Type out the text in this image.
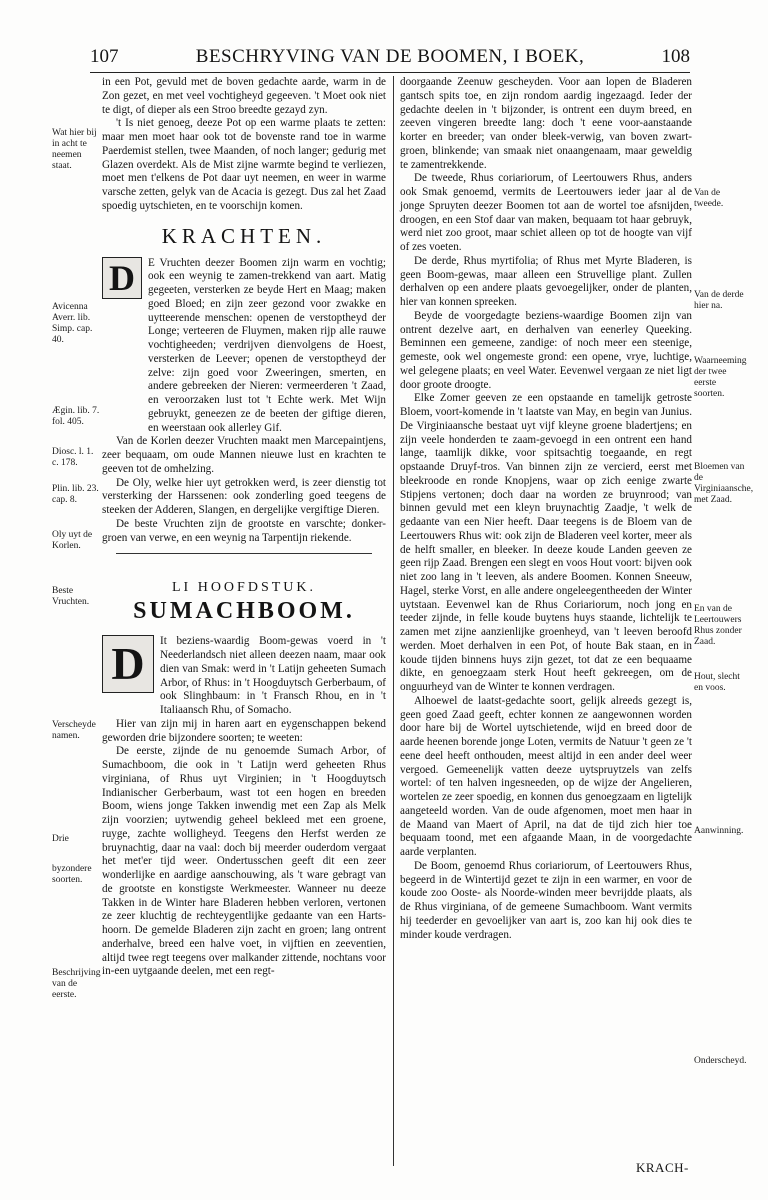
107	BESCHRYVING VAN DE BOOMEN, I BOEK,	108

in een Pot, gevuld met de boven gedachte aarde, warm in de Zon gezet, en met veel vochtigheyd gegeeven. 't Moet ook niet te digt, of dieper als een Stroo breedte gezayd zyn.

't Is niet genoeg, deeze Pot op een warme plaats te zetten: maar men moet haar ook tot de bovenste rand toe in warme Paerdemist stellen, twee Maanden, of noch langer; gedurig met Glazen overdekt. Als de Mist zijne warmte begind te verliezen, moet men t'elkens de Pot daar uyt neemen, en weer in warme varsche zetten, gelyk van de Acacia is gezegt. Dus zal het Zaad spoedig uytschieten, en te voorschijn komen.

KRACHTEN.
D	E Vruchten deezer Boomen zijn warm en vochtig; ook een weynig te zamen-trekkend van aart. Matig gegeeten, versterken ze beyde Hert en Maag; maken goed Bloed; en zijn zeer gezond voor zwakke en uytteerende menschen: openen de verstoptheyd der Longe; verteeren de Fluymen, maken rijp alle rauwe vochtigheeden; verdrijven dienvolgens de Hoest, versterken de Leever; openen de verstoptheyd der zelve: zijn goed voor Zweeringen, smerten, en andere gebreeken der Nieren: vermeerderen 't Zaad, en veroorzaken lust tot 't Echte werk. Met Wijn gebruykt, geneezen ze de beeten der giftige dieren, en weerstaan ook allerley Gif.

Van de Korlen deezer Vruchten maakt men Marcepaintjens, zeer bequaam, om oude Mannen nieuwe lust en krachten te geeven tot de omhelzing.

De Oly, welke hier uyt getrokken werd, is zeer dienstig tot versterking der Harssenen: ook zonderling goed teegens de steeken der Adderen, Slangen, en dergelijke vergiftige Dieren.

De beste Vruchten zijn de grootste en varschte; donker-groen van verwe, en een weynig na Tarpentijn riekende.

LI HOOFDSTUK.
SUMACHBOOM.
D	It beziens-waardig Boom-gewas voerd in 't Neederlandsch niet alleen deezen naam, maar ook dien van Smak: werd in 't Latijn geheeten Sumach Arbor, of Rhus: in 't Hoogduytsch Gerberbaum, of ook Slinghbaum: in 't Fransch Rhou, en in 't Italiaansch Rhu, of Somacho.

Hier van zijn mij in haren aart en eygenschappen bekend geworden drie bijzondere soorten; te weeten:

De eerste, zijnde de nu genoemde Sumach Arbor, of Sumachboom, die ook in 't Latijn werd geheeten Rhus virginiana, of Rhus uyt Virginien; in 't Hoogduytsch Indianischer Gerberbaum, wast tot een hogen en breeden Boom, wiens jonge Takken inwendig met een Zap als Melk zijn voorzien; uytwendig geheel bekleed met een groene, ruyge, zachte wolligheyd. Teegens den Herfst werden ze bruynachtig, daar na vaal: doch bij meerder ouderdom vergaat het met'er tijd weer. Ondertusschen geeft dit een zeer wonderlijke en aardige aanschouwing, als 't ware gebragt van de grootste en konstigste Werkmeester. Wanneer nu deeze Takken in de Winter hare Bladeren hebben verloren, vertonen ze zeer kluchtig de rechteygentlijke gedaante van een Harts-hoorn. De gemelde Bladeren zijn zacht en groen; lang ontrent anderhalve, breed een halve voet, in vijftien en zeeventien, altijd twee regt teegens over malkander zittende, nochtans voor in-een uytgaande deelen, met een regt-

doorgaande Zeenuw gescheyden. Voor aan lopen de Bladeren gantsch spits toe, en zijn rondom aardig ingezaagd. Ieder der gedachte deelen in 't bijzonder, is ontrent een duym breed, en zeeven vingeren breedte lang: doch 't eene voor-aanstaande korter en breeder; van onder bleek-verwig, van boven zwart-groen, blinkende; van smaak niet onaangenaam, maar geweldig te zamentrekkende.

De tweede, Rhus coriariorum, of Leertouwers Rhus, anders ook Smak genoemd, vermits de Leertouwers ieder jaar al de jonge Spruyten deezer Boomen tot aan de wortel toe afsnijden, droogen, en een Stof daar van maken, bequaam tot haar gebruyk, werd niet zoo groot, maar schiet alleen op tot de hoogte van vijf of zes voeten.

De derde, Rhus myrtifolia; of Rhus met Myrte Bladeren, is geen Boom-gewas, maar alleen een Struvellige plant. Zullen derhalven op een andere plaats gevoegelijker, onder de planten, hier van konnen spreeken.

Beyde de voorgedagte beziens-waardige Boomen zijn van ontrent dezelve aart, en derhalven van eenerley Queeking. Beminnen een gemeene, zandige: of noch meer een steenige, gemeste, ook wel ongemeste grond: een opene, vrye, luchtige, wel gelegene plaats; en veel Water. Eevenwel vergaan ze niet ligt door groote droogte.

Elke Zomer geeven ze een opstaande en tamelijk getroste Bloem, voort-komende in 't laatste van May, en begin van Junius. De Virginiaansche bestaat uyt vijf kleyne groene bladertjens; en zijn veele honderden te zaam-gevoegd in een ontrent een hand lange, taamlijk dikke, voor spitsachtig toegaande, en regt opstaande Druyf-tros. Van binnen zijn ze vercierd, eerst met bleekroode en ronde Knopjens, waar op zich eenige zwarte Stipjens vertonen; doch daar na worden ze bruynrood; van binnen gevuld met een kleyn bruynachtig Zaadje, 't welk de gedaante van een Nier heeft. Daar teegens is de Bloem van de Leertouwers Rhus wit: ook zijn de Bladeren veel korter, meer als de helft smaller, en bleeker. In deeze koude Landen geeven ze geen rijp Zaad. Brengen een slegt en voos Hout voort: bijven ook niet zoo lang in 't leeven, als andere Boomen. Konnen Sneeuw, Hagel, sterke Vorst, en alle andere ongeleegentheeden der Winter uytstaan. Eevenwel kan de Rhus Coriariorum, noch jong en teeder zijnde, in felle koude buytens huys staande, lichtelijk te zamen met zijne aanzienlijke groenheyd, van 't leeven beroofd werden. Moet derhalven in een Pot, of houte Bak staan, en in koude tijden binnens huys zijn gezet, tot dat ze een bequaame dikte, en genoegzaam sterk Hout heeft gekreegen, om de onguurheyd van de Winter te konnen verdragen.

Alhoewel de laatst-gedachte soort, gelijk alreeds gezegt is, geen goed Zaad geeft, echter konnen ze aangewonnen worden door hare bij de Wortel uytschietende, wijd en breed door de aarde heenen borende jonge Loten, vermits de Natuur 't geen ze 't eene deel heeft onthouden, meest altijd in een ander deel weer vergoed. Gemeenelijk vatten deeze uytspruytzels van zelfs wortel: of ten halven ingesneeden, op de wijze der Angelieren, wortelen ze zeer spoedig, en konnen dus genoegzaam en ligtelijk aangeteeld worden. Van de oude afgenomen, moet men haar in de Maand van Maert of April, na dat de tijd zich hier toe bequaam toond, met een afgaande Maan, in de voorgedachte aarde verplanten.

De Boom, genoemd Rhus coriariorum, of Leertouwers Rhus, begeerd in de Wintertijd gezet te zijn in een warmer, en voor de koude zoo Ooste- als Noorde-winden meer bevrijdde plaats, als de Rhus virginiana, of de gemeene Sumachboom. Want vermits hij teederder en gevoelijker van aart is, zoo kan hij ook dies te minder koude verdragen.

Wat hier bij in acht te neemen staat.
Avicenna Averr. lib. Simp. cap. 40.
Ægin. lib. 7. fol. 405.
Diosc. l. 1. c. 178.
Plin. lib. 23. cap. 8.
Oly uyt de Korlen.
Beste Vruchten.
Verscheyde namen.
Drie
byzondere soorten.
Beschrijving van de eerste.
Van de tweede.
Van de derde hier na.
Waarneeming der twee eerste soorten.
Bloemen van de Virginiaansche, met Zaad.
En van de Leertouwers Rhus zonder Zaad.
Hout, slecht en voos.
Aanwinning.
Onderscheyd.
KRACH-
